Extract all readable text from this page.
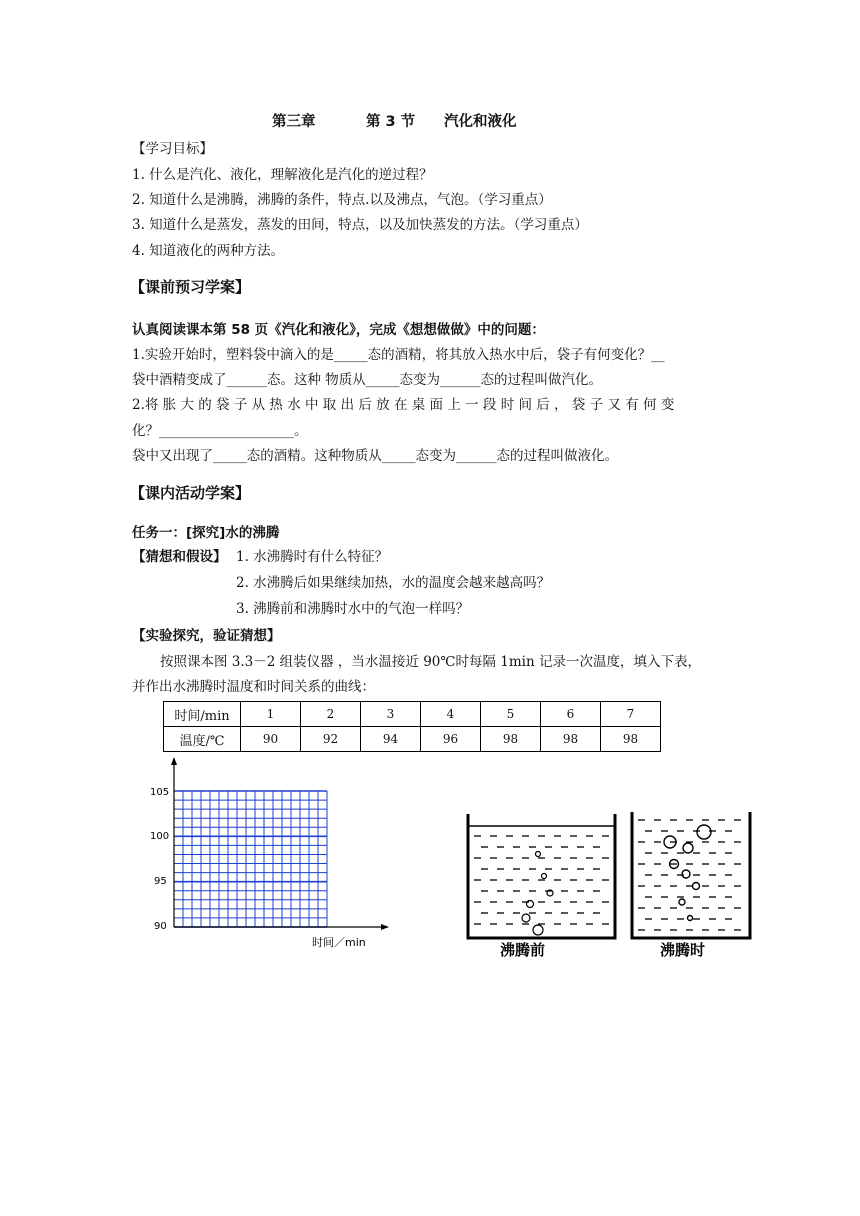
第三章	第 3 节 汽化和液化
【学习目标】
1. 什么是汽化、液化，理解液化是汽化的逆过程？
2. 知道什么是沸腾，沸腾的条件，特点.以及沸点，气泡。（学习重点）
3. 知道什么是蒸发，蒸发的田间，特点，以及加快蒸发的方法。（学习重点）
4. 知道液化的两种方法。
【课前预习学案】
认真阅读课本第 58 页《汽化和液化》，完成《想想做做》中的问题：
1.实验开始时，塑料袋中滴入的是_____态的酒精，将其放入热水中后，袋子有何变化？__
袋中酒精变成了______态。这种 物质从_____态变为______态的过程叫做汽化。
2.将 胀 大 的 袋 子 从 热 水 中 取 出 后 放 在 桌 面 上 一 段 时 间 后 ， 袋 子 又 有 何 变
化？____________________。
袋中又出现了_____态的酒精。这种物质从_____态变为______态的过程叫做液化。
【课内活动学案】
任务一：[探究]水的沸腾
【猜想和假设】 1. 水沸腾时有什么特征？
2. 水沸腾后如果继续加热，水的温度会越来越高吗？
3. 沸腾前和沸腾时水中的气泡一样吗？
【实验探究，验证猜想】
按照课本图 3.3－2 组装仪器 ，当水温接近 90℃时每隔 1min 记录一次温度，填入下表，
并作出水沸腾时温度和时间关系的曲线：
时间/min	1	2	3	4	5	6	7
温度/℃	90	92	94	96	98	98	98
105
100
95
90
时间／min	沸腾前	沸腾时
